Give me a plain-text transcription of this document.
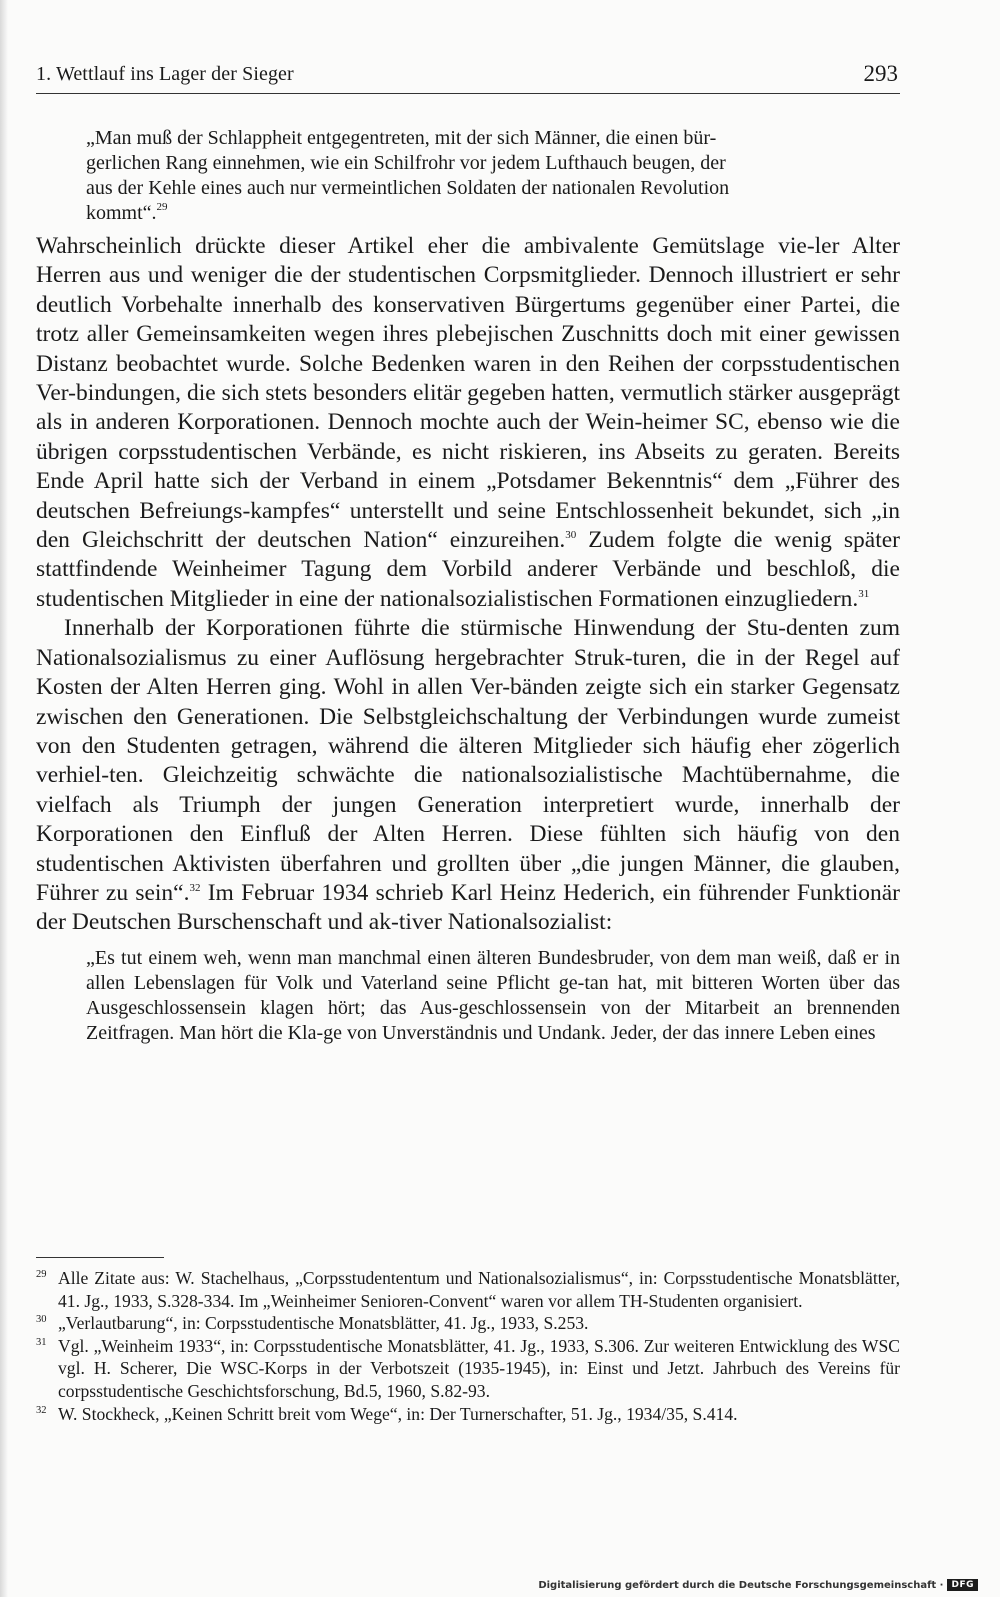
1. Wettlauf ins Lager der Sieger	293
„Man muß der Schlappheit entgegentreten, mit der sich Männer, die einen bür-
gerlichen Rang einnehmen, wie ein Schilfrohr vor jedem Lufthauch beugen, der
aus der Kehle eines auch nur vermeintlichen Soldaten der nationalen Revolution
kommt“.$^{29}$

Wahrscheinlich drückte dieser Artikel eher die ambivalente Gemütslage vie-ler Alter Herren aus und weniger die der studentischen Corpsmitglieder. Dennoch illustriert er sehr deutlich Vorbehalte innerhalb des konservativen Bürgertums gegenüber einer Partei, die trotz aller Gemeinsamkeiten wegen ihres plebejischen Zuschnitts doch mit einer gewissen Distanz beobachtet wurde. Solche Bedenken waren in den Reihen der corpsstudentischen Ver-bindungen, die sich stets besonders elitär gegeben hatten, vermutlich stärker ausgeprägt als in anderen Korporationen. Dennoch mochte auch der Wein-heimer SC, ebenso wie die übrigen corpsstudentischen Verbände, es nicht riskieren, ins Abseits zu geraten. Bereits Ende April hatte sich der Verband in einem „Potsdamer Bekenntnis“ dem „Führer des deutschen Befreiungs-kampfes“ unterstellt und seine Entschlossenheit bekundet, sich „in den Gleichschritt der deutschen Nation“ einzureihen.$^{30}$ Zudem folgte die wenig später stattfindende Weinheimer Tagung dem Vorbild anderer Verbände und beschloß, die studentischen Mitglieder in eine der nationalsozialistischen Formationen einzugliedern.$^{31}$

Innerhalb der Korporationen führte die stürmische Hinwendung der Stu-denten zum Nationalsozialismus zu einer Auflösung hergebrachter Struk-turen, die in der Regel auf Kosten der Alten Herren ging. Wohl in allen Ver-bänden zeigte sich ein starker Gegensatz zwischen den Generationen. Die Selbstgleichschaltung der Verbindungen wurde zumeist von den Studenten getragen, während die älteren Mitglieder sich häufig eher zögerlich verhiel-ten. Gleichzeitig schwächte die nationalsozialistische Machtübernahme, die vielfach als Triumph der jungen Generation interpretiert wurde, innerhalb der Korporationen den Einfluß der Alten Herren. Diese fühlten sich häufig von den studentischen Aktivisten überfahren und grollten über „die jungen Männer, die glauben, Führer zu sein“.$^{32}$ Im Februar 1934 schrieb Karl Heinz Hederich, ein führender Funktionär der Deutschen Burschenschaft und ak-tiver Nationalsozialist:

„Es tut einem weh, wenn man manchmal einen älteren Bundesbruder, von dem man weiß, daß er in allen Lebenslagen für Volk und Vaterland seine Pflicht ge-tan hat, mit bitteren Worten über das Ausgeschlossensein klagen hört; das Aus-geschlossensein von der Mitarbeit an brennenden Zeitfragen. Man hört die Kla-ge von Unverständnis und Undank. Jeder, der das innere Leben eines
29 Alle Zitate aus: W. Stachelhaus, „Corpsstudententum und Nationalsozialismus“, in: Corpsstudentische Monatsblätter, 41. Jg., 1933, S.328-334. Im „Weinheimer Senioren-Convent“ waren vor allem TH-Studenten organisiert.
30 „Verlautbarung“, in: Corpsstudentische Monatsblätter, 41. Jg., 1933, S.253.
31 Vgl. „Weinheim 1933“, in: Corpsstudentische Monatsblätter, 41. Jg., 1933, S.306. Zur weiteren Entwicklung des WSC vgl. H. Scherer, Die WSC-Korps in der Verbotszeit (1935-1945), in: Einst und Jetzt. Jahrbuch des Vereins für corpsstudentische Geschichtsforschung, Bd.5, 1960, S.82-93.
32 W. Stockheck, „Keinen Schritt breit vom Wege“, in: Der Turnerschafter, 51. Jg., 1934/35, S.414.
Digitalisierung gefördert durch die Deutsche Forschungsgemeinschaft · DFG
